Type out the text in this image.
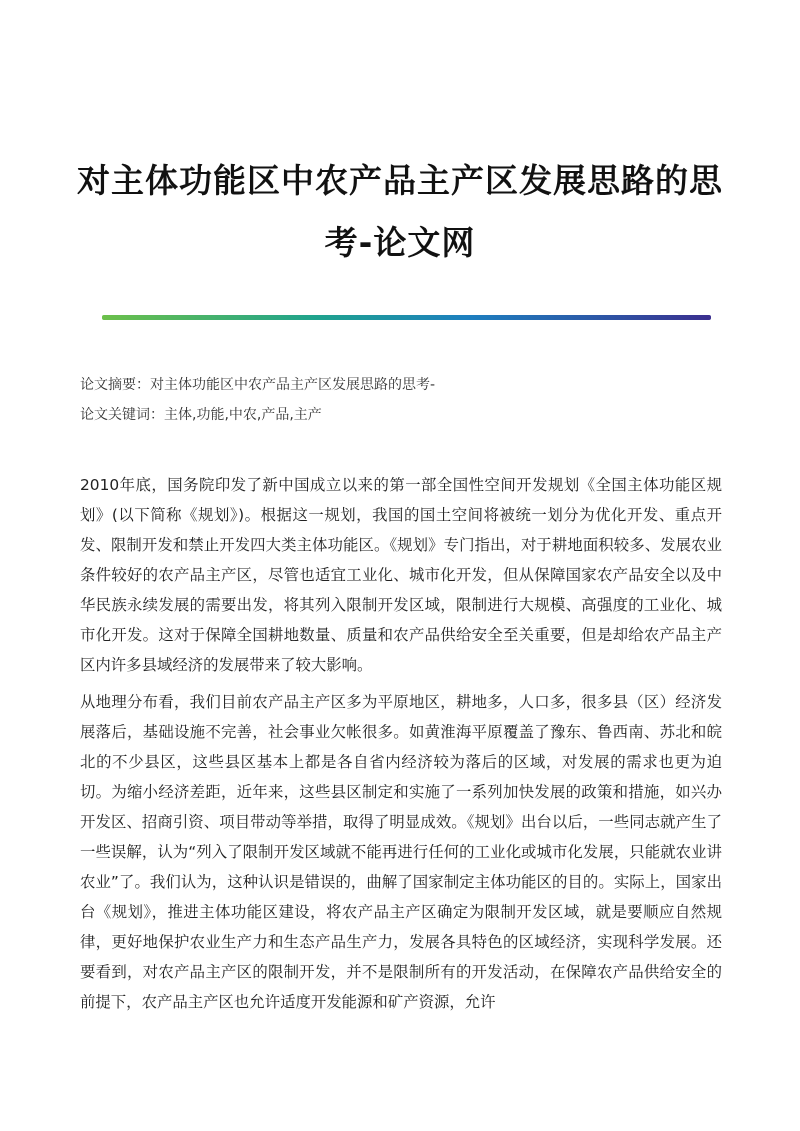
对主体功能区中农产品主产区发展思路的思
考-论文网
论文摘要：对主体功能区中农产品主产区发展思路的思考-
论文关键词：主体,功能,中农,产品,主产

2010年底，国务院印发了新中国成立以来的第一部全国性空间开发规划《全国主体功能区规划》(以下简称《规划》)。根据这一规划，我国的国土空间将被统一划分为优化开发、重点开发、限制开发和禁止开发四大类主体功能区。《规划》专门指出，对于耕地面积较多、发展农业条件较好的农产品主产区，尽管也适宜工业化、城市化开发，但从保障国家农产品安全以及中华民族永续发展的需要出发，将其列入限制开发区域，限制进行大规模、高强度的工业化、城市化开发。这对于保障全国耕地数量、质量和农产品供给安全至关重要，但是却给农产品主产区内许多县域经济的发展带来了较大影响。

从地理分布看，我们目前农产品主产区多为平原地区，耕地多，人口多，很多县（区）经济发展落后，基础设施不完善，社会事业欠帐很多。如黄淮海平原覆盖了豫东、鲁西南、苏北和皖北的不少县区，这些县区基本上都是各自省内经济较为落后的区域，对发展的需求也更为迫切。为缩小经济差距，近年来，这些县区制定和实施了一系列加快发展的政策和措施，如兴办开发区、招商引资、项目带动等举措，取得了明显成效。《规划》出台以后，一些同志就产生了一些误解，认为“列入了限制开发区域就不能再进行任何的工业化或城市化发展，只能就农业讲农业”了。我们认为，这种认识是错误的，曲解了国家制定主体功能区的目的。实际上，国家出台《规划》，推进主体功能区建设，将农产品主产区确定为限制开发区域，就是要顺应自然规律，更好地保护农业生产力和生态产品生产力，发展各具特色的区域经济，实现科学发展。还要看到，对农产品主产区的限制开发，并不是限制所有的开发活动，在保障农产品供给安全的前提下，农产品主产区也允许适度开发能源和矿产资源，允许
